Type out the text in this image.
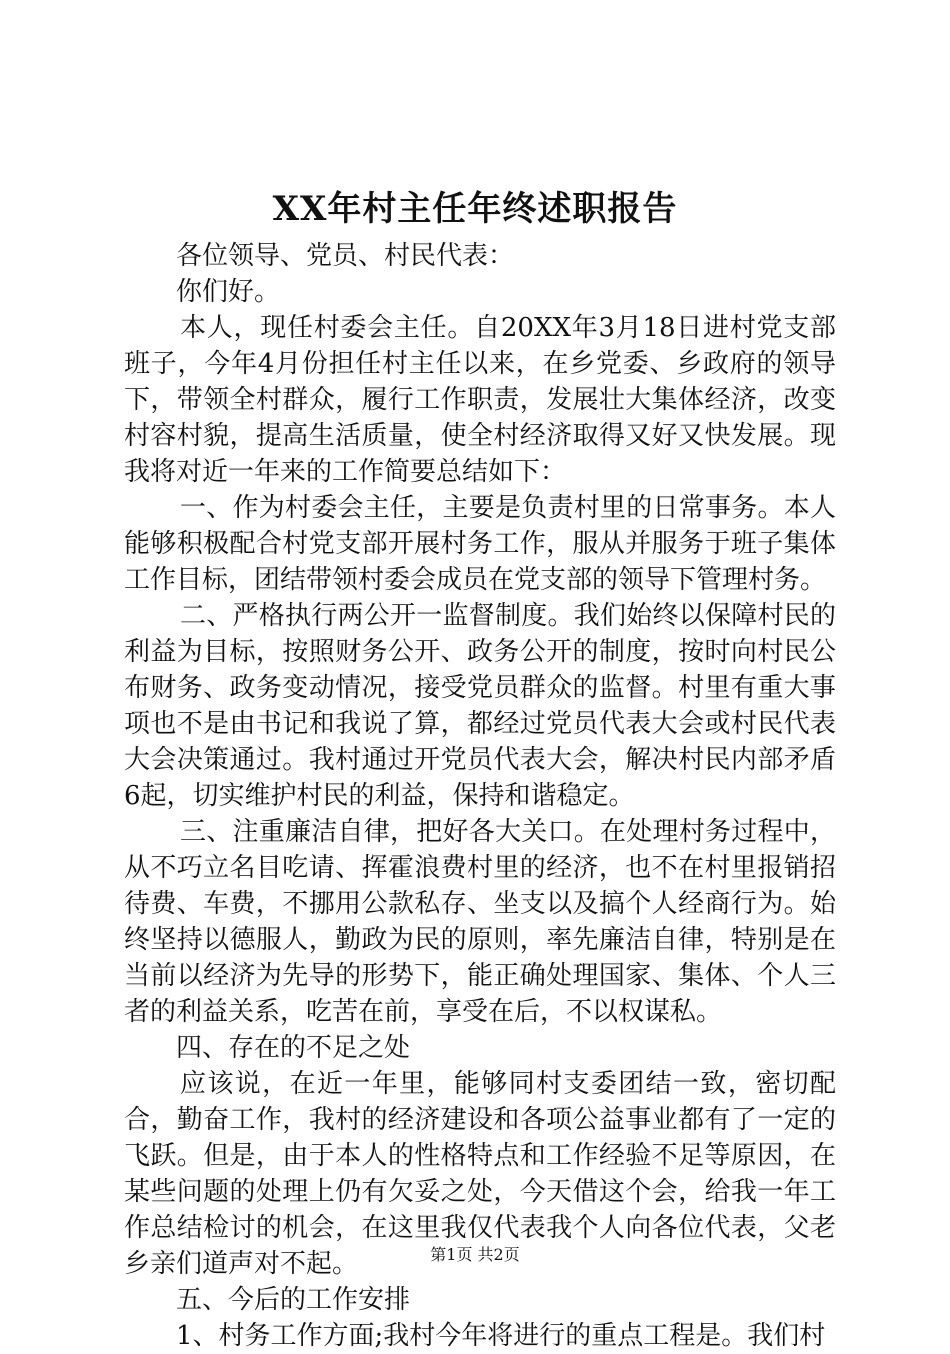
XX年村主任年终述职报告

各位领导、党员、村民代表：

你们好。

本人，现任村委会主任。自20XX年3月18日进村党支部班子，今年4月份担任村主任以来，在乡党委、乡政府的领导下，带领全村群众，履行工作职责，发展壮大集体经济，改变村容村貌，提高生活质量，使全村经济取得又好又快发展。现我将对近一年来的工作简要总结如下：

一、作为村委会主任，主要是负责村里的日常事务。本人能够积极配合村党支部开展村务工作，服从并服务于班子集体工作目标，团结带领村委会成员在党支部的领导下管理村务。

二、严格执行两公开一监督制度。我们始终以保障村民的利益为目标，按照财务公开、政务公开的制度，按时向村民公布财务、政务变动情况，接受党员群众的监督。村里有重大事项也不是由书记和我说了算，都经过党员代表大会或村民代表大会决策通过。我村通过开党员代表大会，解决村民内部矛盾6起，切实维护村民的利益，保持和谐稳定。

三、注重廉洁自律，把好各大关口。在处理村务过程中，从不巧立名目吃请、挥霍浪费村里的经济，也不在村里报销招待费、车费，不挪用公款私存、坐支以及搞个人经商行为。始终坚持以德服人，勤政为民的原则，率先廉洁自律，特别是在当前以经济为先导的形势下，能正确处理国家、集体、个人三者的利益关系，吃苦在前，享受在后，不以权谋私。

四、存在的不足之处

应该说，在近一年里，能够同村支委团结一致，密切配合，勤奋工作，我村的经济建设和各项公益事业都有了一定的飞跃。但是，由于本人的性格特点和工作经验不足等原因，在某些问题的处理上仍有欠妥之处，今天借这个会，给我一年工作总结检讨的机会，在这里我仅代表我个人向各位代表，父老乡亲们道声对不起。

五、今后的工作安排

1、村务工作方面;我村今年将进行的重点工程是。我们村

第1页 共2页
